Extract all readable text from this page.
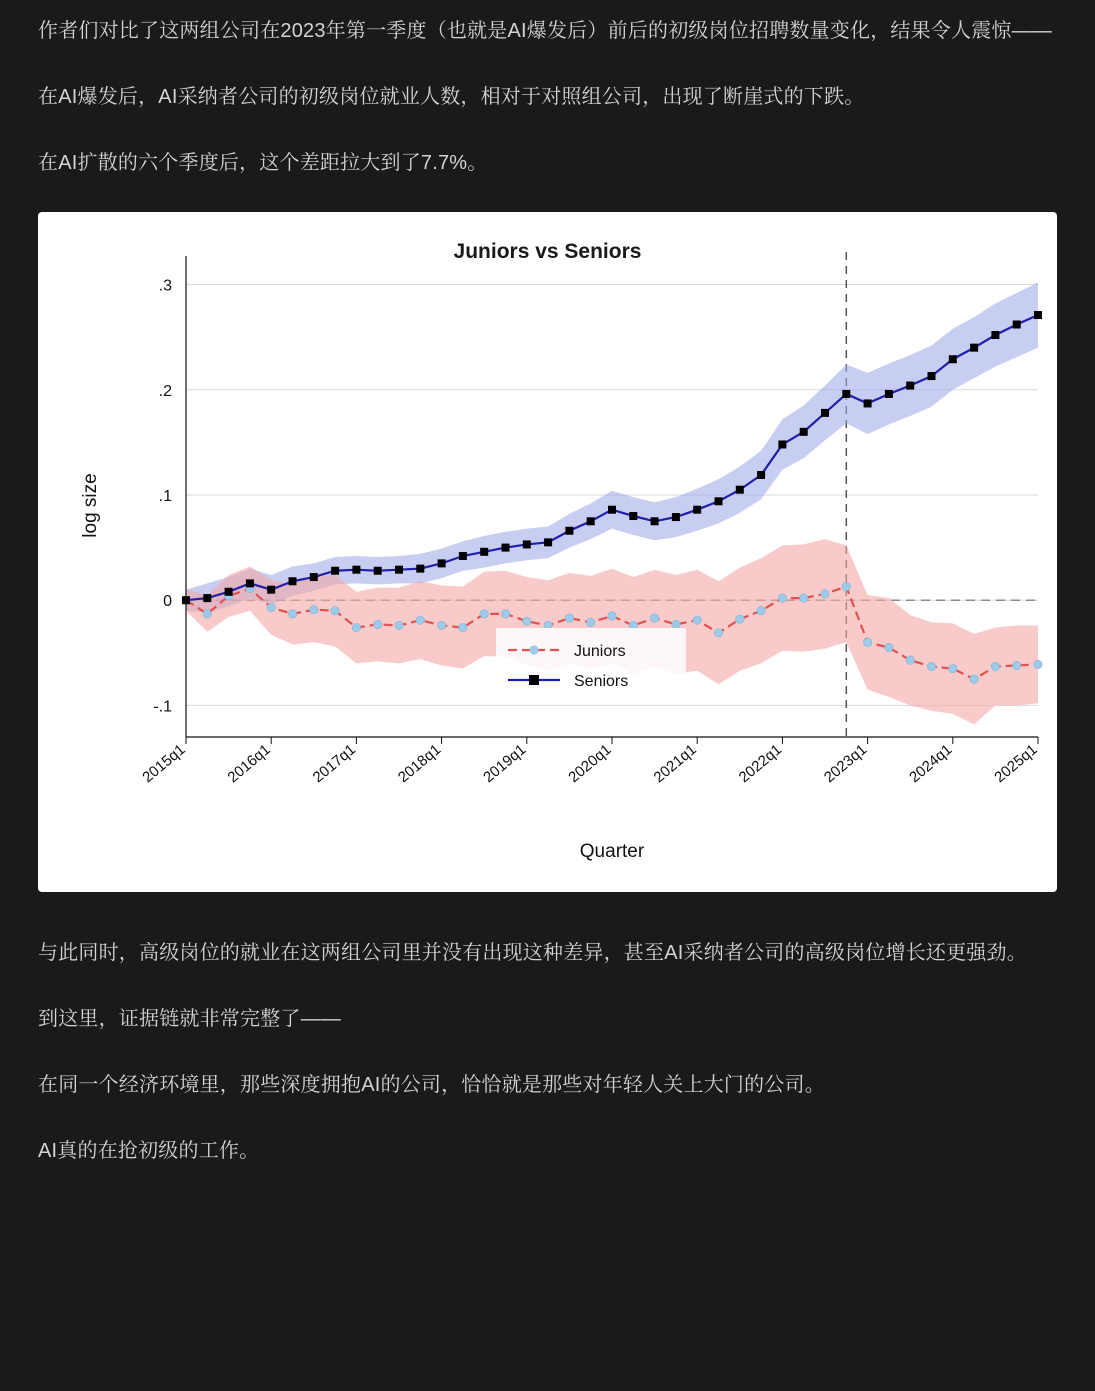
作者们对比了这两组公司在2023年第一季度（也就是AI爆发后）前后的初级岗位招聘数量变化，结果令人震惊——

在AI爆发后，AI采纳者公司的初级岗位就业人数，相对于对照组公司，出现了断崖式的下跌。

在AI扩散的六个季度后，这个差距拉大到了7.7%。

Juniors vs Seniors
-.1
0
.1
.2
.3
2015q1 2016q1 2017q1 2018q1 2019q1 2020q1 2021q1 2022q1 2023q1 2024q1 2025q1
log size
Quarter
Juniors
Seniors

与此同时，高级岗位的就业在这两组公司里并没有出现这种差异，甚至AI采纳者公司的高级岗位增长还更强劲。

到这里，证据链就非常完整了——

在同一个经济环境里，那些深度拥抱AI的公司，恰恰就是那些对年轻人关上大门的公司。

AI真的在抢初级的工作。
